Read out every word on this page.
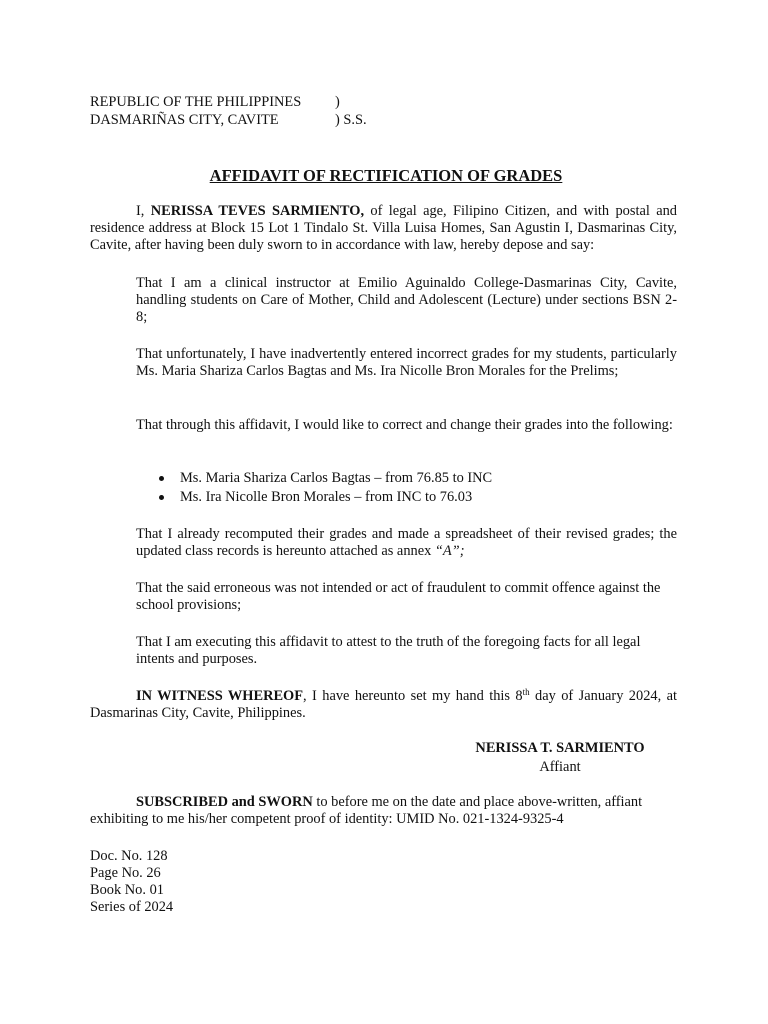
REPUBLIC OF THE PHILIPPINES )
DASMARIÑAS CITY, CAVITE	) S.S.
AFFIDAVIT OF RECTIFICATION OF GRADES
I, NERISSA TEVES SARMIENTO, of legal age, Filipino Citizen, and with postal and residence address at Block 15 Lot 1 Tindalo St. Villa Luisa Homes, San Agustin I, Dasmarinas City, Cavite, after having been duly sworn to in accordance with law, hereby depose and say:
That I am a clinical instructor at Emilio Aguinaldo College-Dasmarinas City, Cavite, handling students on Care of Mother, Child and Adolescent (Lecture) under sections BSN 2-8;
That unfortunately, I have inadvertently entered incorrect grades for my students, particularly Ms. Maria Shariza Carlos Bagtas and Ms. Ira Nicolle Bron Morales for the Prelims;
That through this affidavit, I would like to correct and change their grades into the following:
Ms. Maria Shariza Carlos Bagtas – from 76.85 to INC
Ms. Ira Nicolle Bron Morales – from INC to 76.03
That I already recomputed their grades and made a spreadsheet of their revised grades; the updated class records is hereunto attached as annex “A”;
That the said erroneous was not intended or act of fraudulent to commit offence against the school provisions;
That I am executing this affidavit to attest to the truth of the foregoing facts for all legal intents and purposes.
IN WITNESS WHEREOF, I have hereunto set my hand this 8th day of January 2024, at Dasmarinas City, Cavite, Philippines.
NERISSA T. SARMIENTO
Affiant
SUBSCRIBED and SWORN to before me on the date and place above-written, affiant exhibiting to me his/her competent proof of identity: UMID No. 021-1324-9325-4
Doc. No. 128
Page No. 26
Book No. 01
Series of 2024
